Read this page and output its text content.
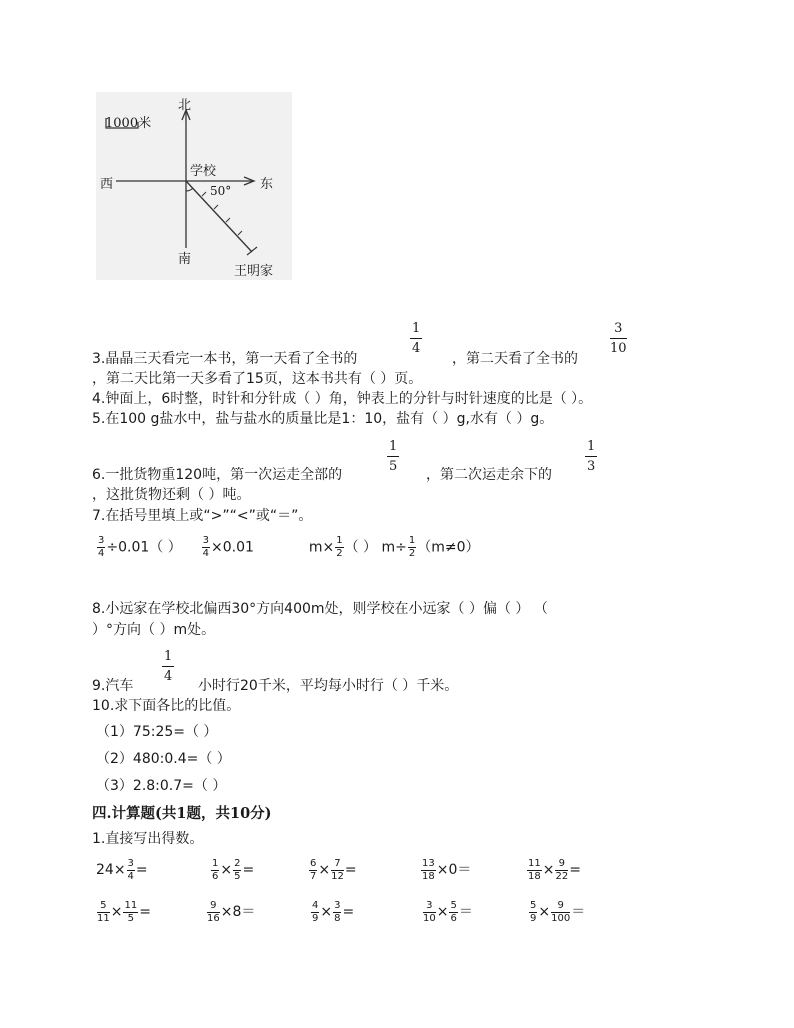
1000米
北
西	东
南
学校
50°
王明家
1
4
3
10
3.晶晶三天看完一本书，第一天看了全书的	，第二天看了全书的
，第二天比第一天多看了15页，这本书共有（ ）页。
4.钟面上，6时整，时针和分针成（ ）角，钟表上的分针与时针速度的比是（ ）。
5.在100 g盐水中，盐与盐水的质量比是1：10，盐有（ ）g,水有（ ）g。
1
5
1
3
6.一批货物重120吨，第一次运走全部的	，第二次运走余下的
，这批货物还剩（ ）吨。
7.在括号里填上或“>”“<”或“＝”。
$\frac{3}{4} \div 0.01$（ ） $\frac{3}{4} \times 0.01$	$m\times \frac{1}{2}$ （ ） $m\div \frac{1}{2} (m\ne 0)$
8.小远家在学校北偏西30°方向400m处，则学校在小远家（ ）偏（ ） （
）°方向（ ）m处。
1
4
9.汽车	小时行20千米，平均每小时行（ ）千米。
10.求下面各比的比值。
（1）75:25=（ ）
（2）480:0.4=（ ）
（3）2.8:0.7=（ ）
四.计算题(共1题，共10分)
1.直接写出得数。
$24\times \frac{3}{4}$ =	$\frac{1}{6} \times \frac{2}{5}$ =	$\frac{6}{7} \times \frac{7}{12}$ =	$\frac{13}{18} \times 0=$	$\frac{11}{18} \times \frac{9}{22}$ =
$\frac{5}{11} \times \frac{11}{5}$ =	$\frac{9}{16} \times 8=$	$\frac{4}{9} \times \frac{3}{8}$ =	$\frac{3}{10} \times \frac{5}{6}$ ＝	$\frac{5}{9} \times \frac{9}{100}$ ＝
